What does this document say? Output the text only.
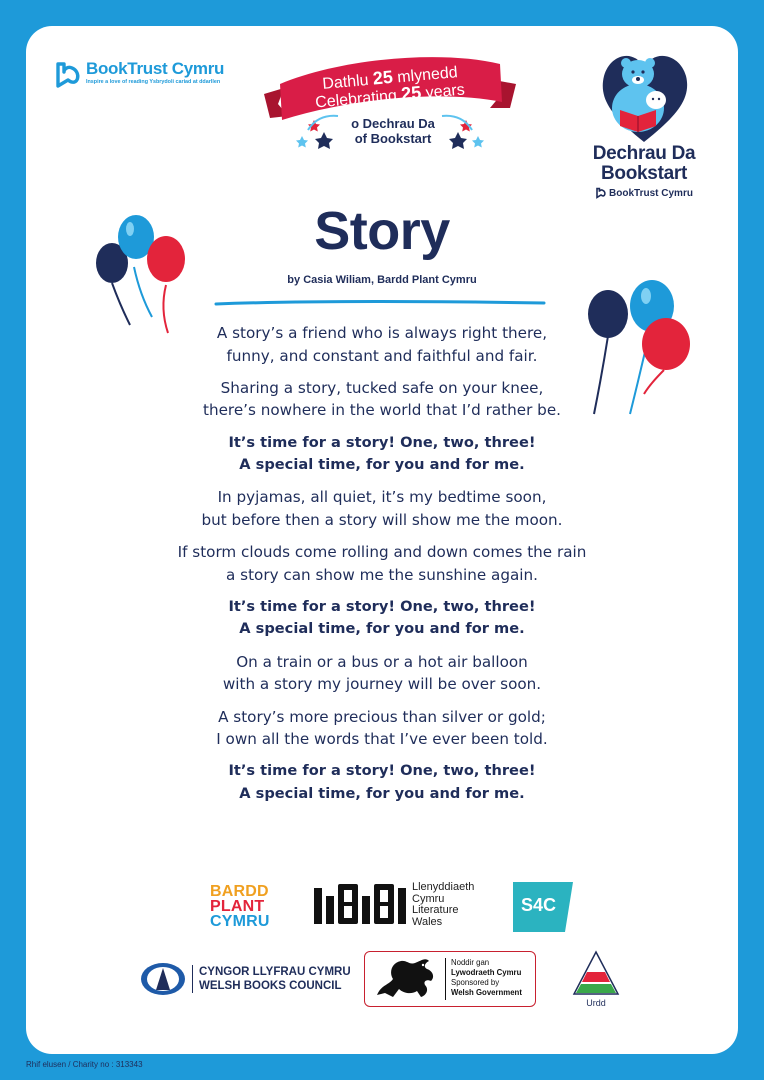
BookTrust Cymru
Inspire a love of reading Ysbrydoli cariad at ddarllen	Dathlu 25 mlynedd
Celebrating 25 years
o Dechrau Da
of Bookstart
Dechrau Da
Bookstart
BookTrust Cymru
Story
by Casia Wiliam, Bardd Plant Cymru

A story’s a friend who is always right there,
funny, and constant and faithful and fair.

Sharing a story, tucked safe on your knee,
there’s nowhere in the world that I’d rather be.

It’s time for a story! One, two, three!
A special time, for you and for me.

In pyjamas, all quiet, it’s my bedtime soon,
but before then a story will show me the moon.

If storm clouds come rolling and down comes the rain
a story can show me the sunshine again.

It’s time for a story! One, two, three!
A special time, for you and for me.

On a train or a bus or a hot air balloon
with a story my journey will be over soon.

A story’s more precious than silver or gold;
I own all the words that I’ve ever been told.

It’s time for a story! One, two, three!
A special time, for you and for me.

BARDD
PLANT
CYMRU
Llenyddiaeth
Cymru
Literature
Wales
S4C
CYNGOR LLYFRAU CYMRU
WELSH BOOKS COUNCIL
Noddir gan
Lywodraeth Cymru
Sponsored by
Welsh Government
Urdd
Rhif elusen / Charity no : 313343
